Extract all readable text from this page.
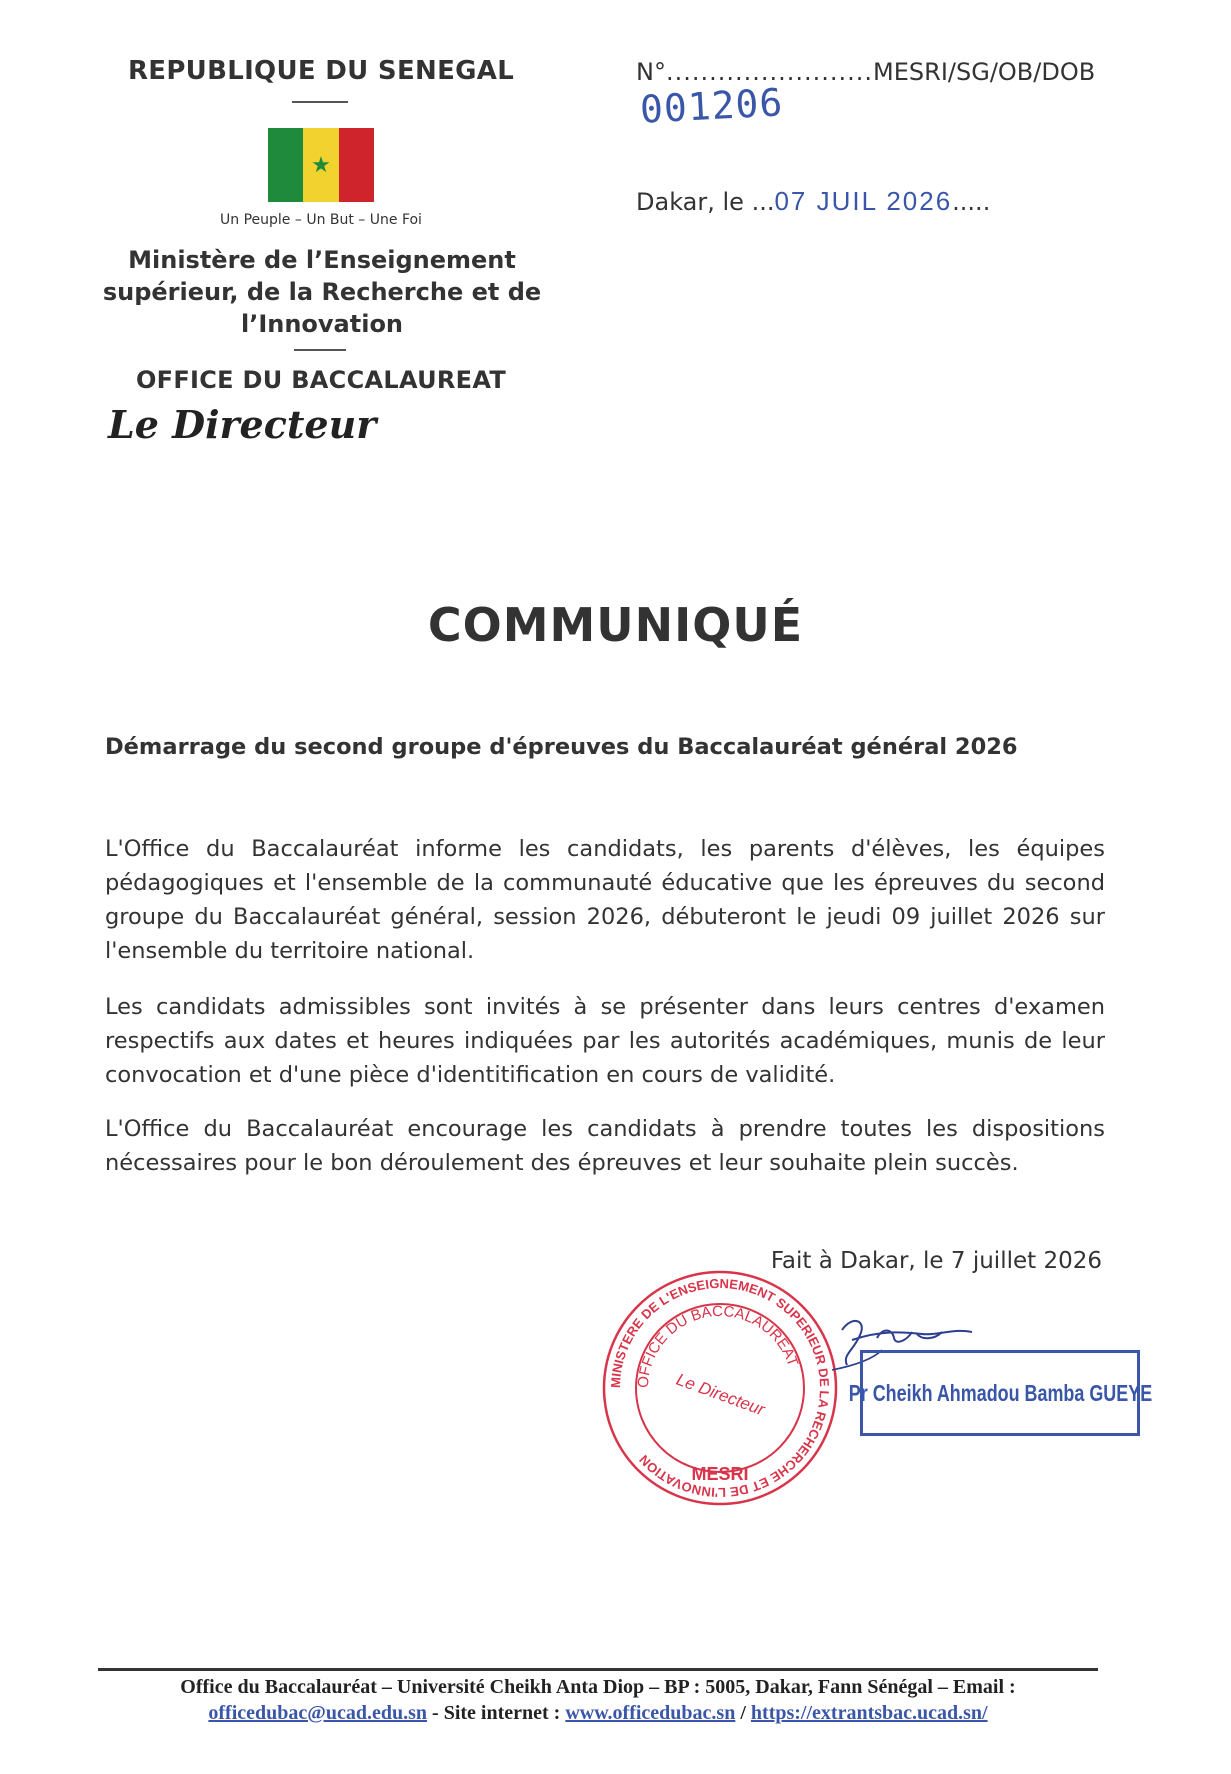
REPUBLIQUE DU SENEGAL
★
Un Peuple – Un But – Une Foi
Ministère de l’Enseignement
supérieur, de la Recherche et de
l’Innovation
OFFICE DU BACCALAUREAT
Le Directeur
N°........................MESRI/SG/OB/DOB
001206
Dakar, le ...07 JUIL 2026.....
COMMUNIQUÉ
Démarrage du second groupe d'épreuves du Baccalauréat général 2026
L'Office du Baccalauréat informe les candidats, les parents d'élèves, les équipes pédagogiques et l'ensemble de la communauté éducative que les épreuves du second groupe du Baccalauréat général, session 2026, débuteront le jeudi 09 juillet 2026 sur l'ensemble du territoire national.
Les candidats admissibles sont invités à se présenter dans leurs centres d'examen respectifs aux dates et heures indiquées par les autorités académiques, munis de leur convocation et d'une pièce d'identitification en cours de validité.
L'Office du Baccalauréat encourage les candidats à prendre toutes les dispositions nécessaires pour le bon déroulement des épreuves et leur souhaite plein succès.
Fait à Dakar, le 7 juillet 2026
MINISTERE DE L'ENSEIGNEMENT SUPERIEUR DE LA RECHERCHE ET DE L'INNOVATION
OFFICE DU BACCALAUREAT
Le Directeur
MESRI
Pr Cheikh Ahmadou Bamba GUEYE
Office du Baccalauréat – Université Cheikh Anta Diop – BP : 5005, Dakar, Fann Sénégal – Email :
officedubac@ucad.edu.sn - Site internet : www.officedubac.sn / https://extrantsbac.ucad.sn/
